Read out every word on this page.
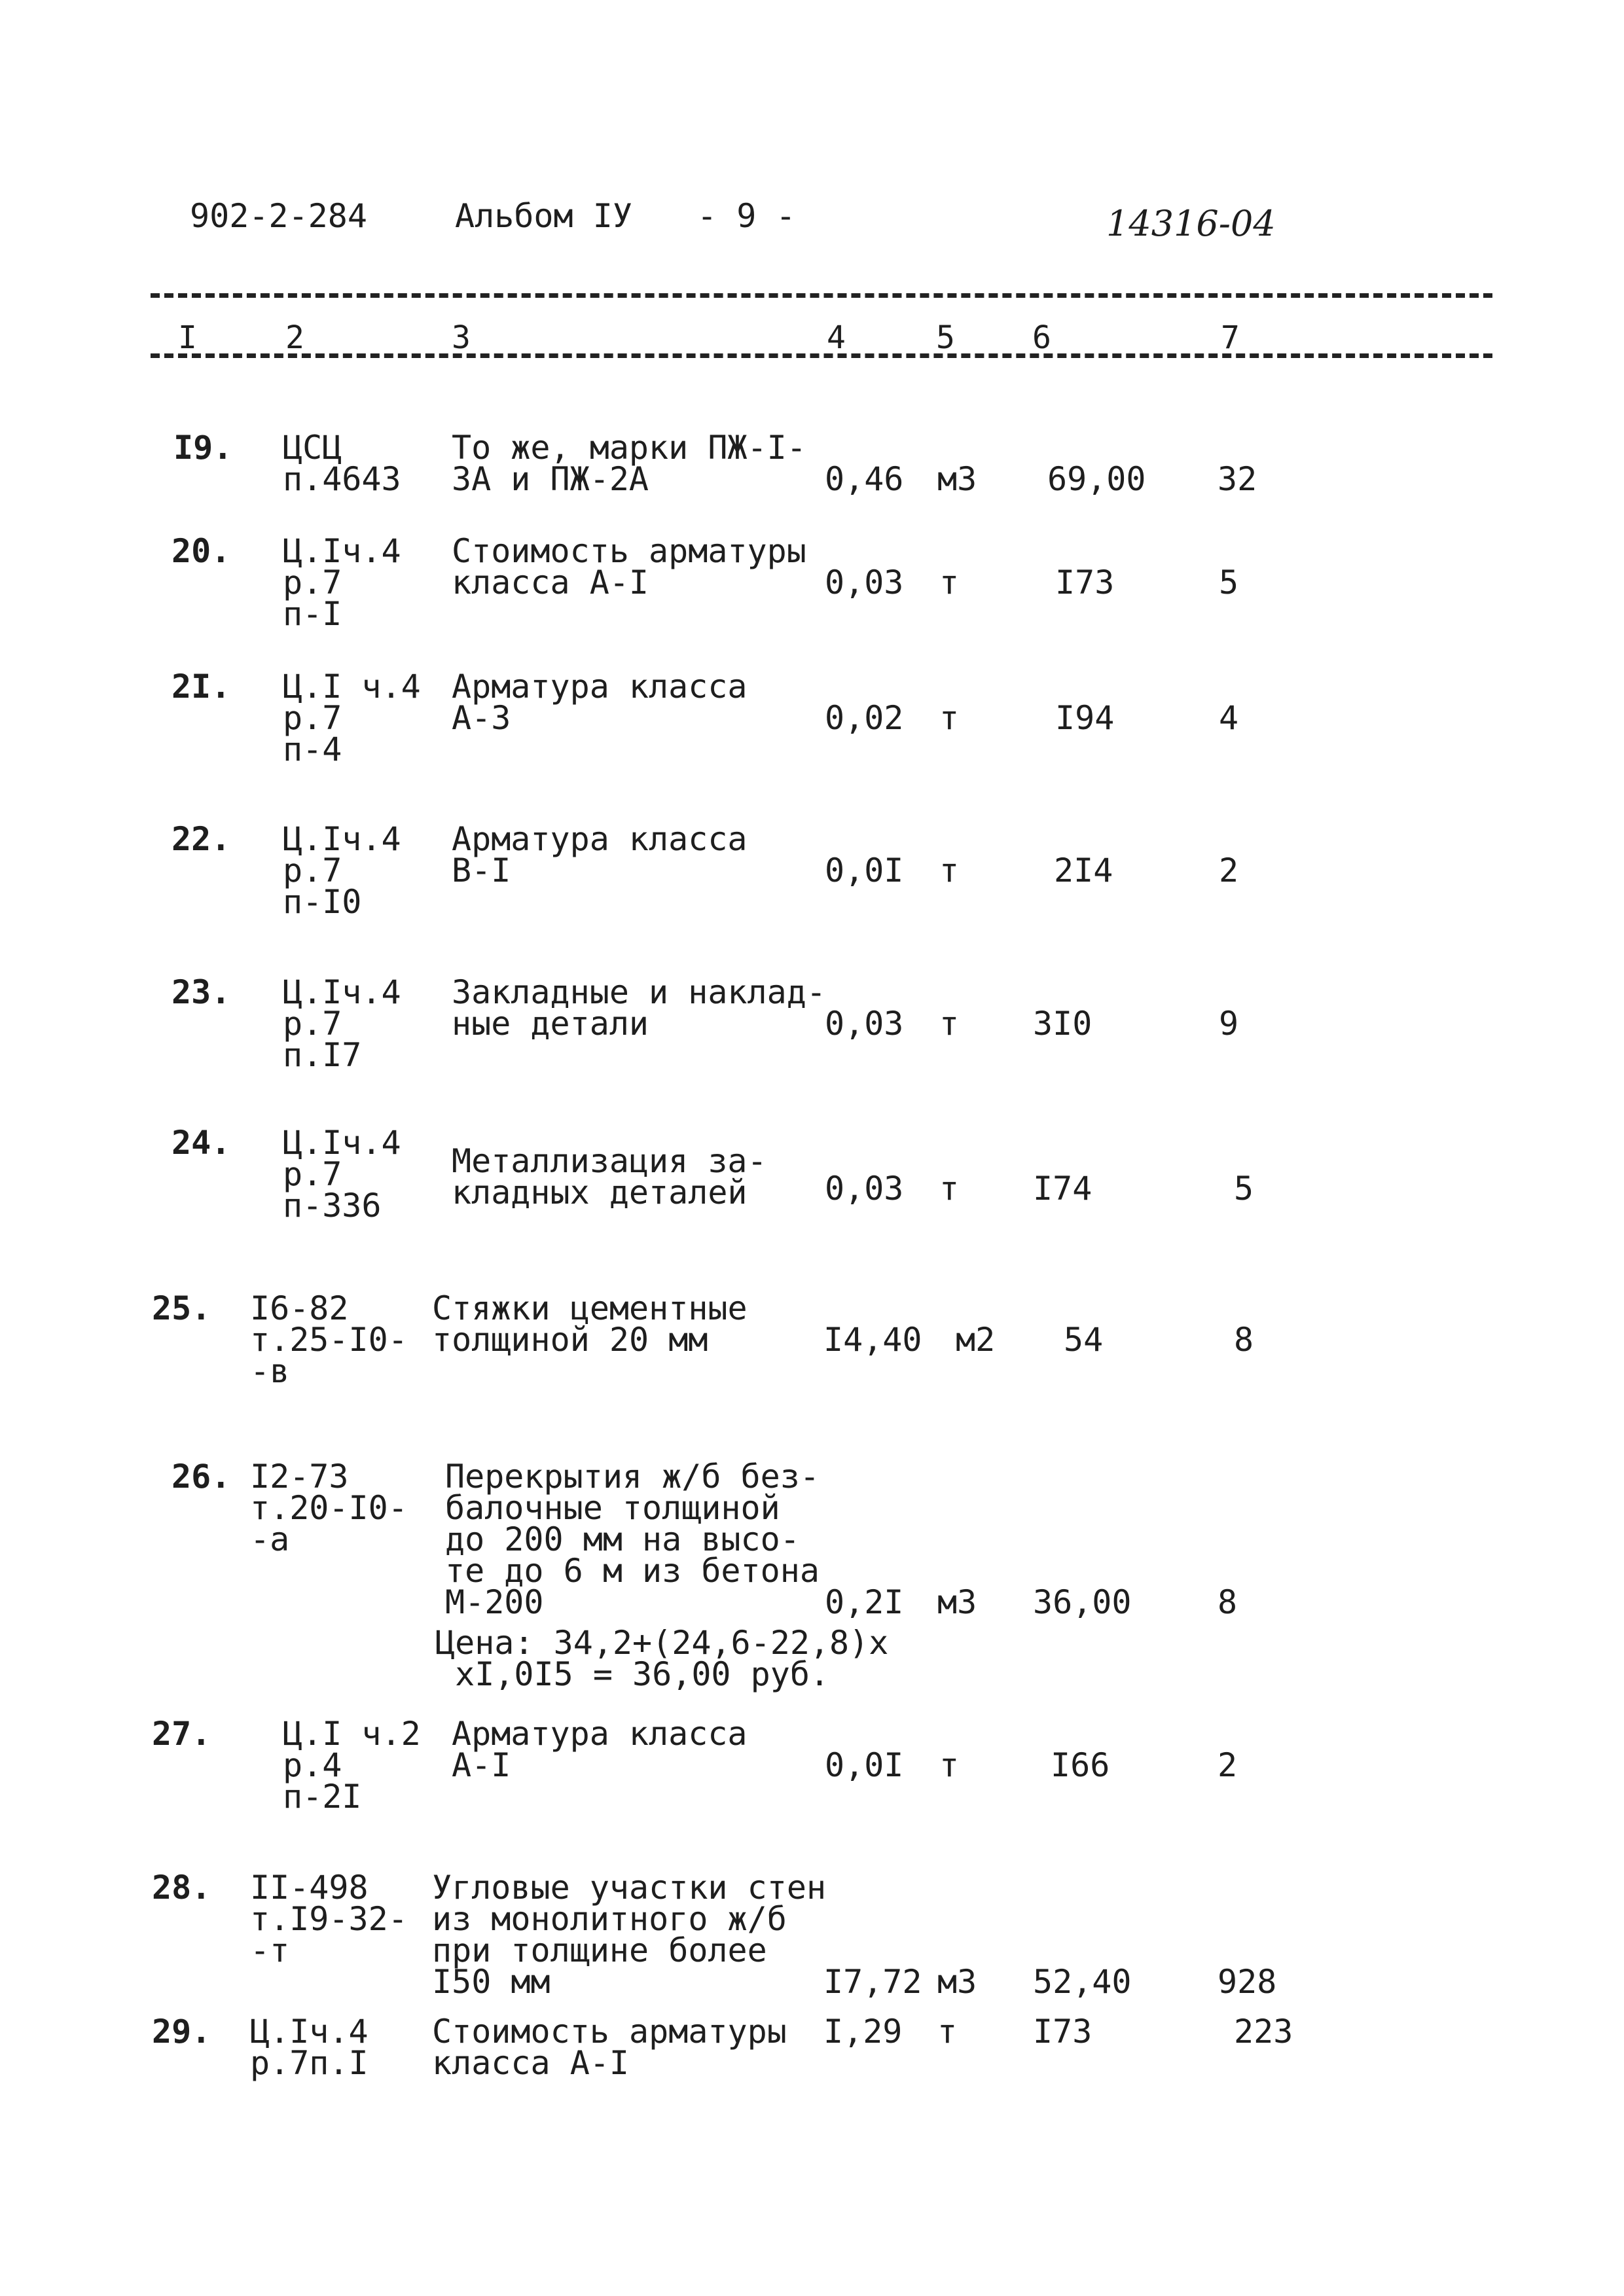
902-2-284	Альбом IУ - 9 -	14316-04
I	2	3	4	5 6	7
I9. ЦСЦ
п.4643
То же, марки ПЖ-I-
ЗА и ПЖ-2А	0,46 м3 69,00 32
20. Ц.Iч.4
р.7
п-I
Стоимость арматуры
класса А-I	0,03 т	I73	5
2I. Ц.I ч.4
р.7
п-4
Арматура класса
А-3	0,02 т	I94	4
22. Ц.Iч.4
р.7
п-I0
Арматура класса
В-I	0,0I т	2I4	2
23. Ц.Iч.4
р.7
п.I7
Закладные и наклад-
ные детали	0,03 т 3I0	9
24. Ц.Iч.4
р.7
п-336
Металлизация за-
кладных деталей	0,03 т I74	5
25. I6-82
т.25-I0-
-в
Стяжки цементные
толщиной 20 мм	I4,40 м2 54	8
26. I2-73
т.20-I0-
-а
Перекрытия ж/б без-
балочные толщиной
до 200 мм на высо-
те до 6 м из бетона
М-200	0,2I м3 36,00	8
Цена: 34,2+(24,6-22,8)х
хI,0I5 = 36,00 руб.
27. Ц.I ч.2
р.4
п-2I
Арматура класса
А-I	0,0I т	I66	2
28. II-498
т.I9-32-
-т
Угловые участки стен
из монолитного ж/б
при толщине более
I50 мм	I7,72 м3 52,40	928
29. Ц.Iч.4
р.7п.I
Стоимость арматуры
класса А-I
I,29 т I73	223
